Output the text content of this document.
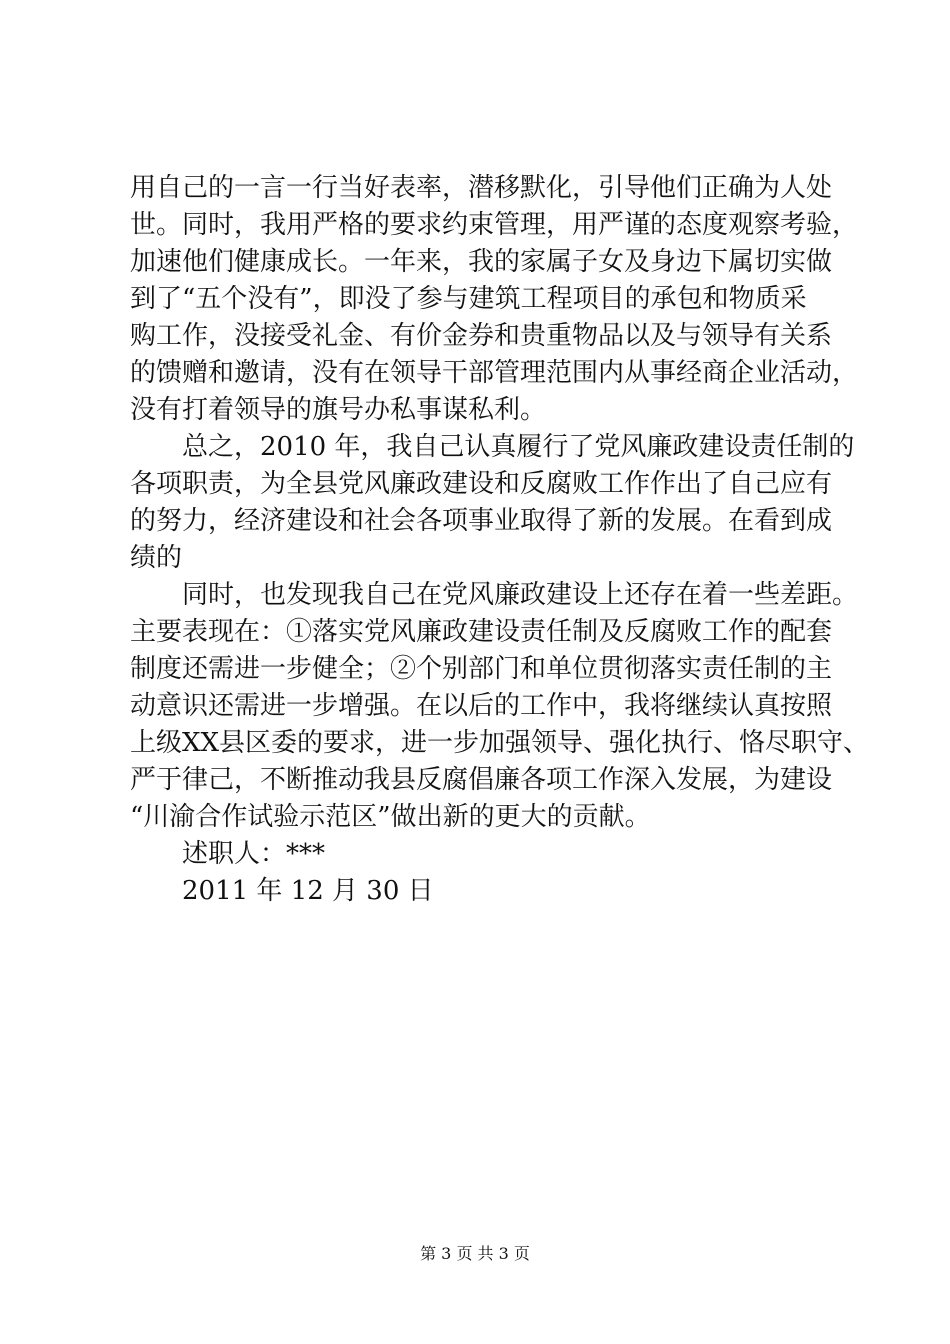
用自己的一言一行当好表率，潜移默化，引导他们正确为人处
世。同时，我用严格的要求约束管理，用严谨的态度观察考验，
加速他们健康成长。一年来，我的家属子女及身边下属切实做
到了“五个没有”，即没了参与建筑工程项目的承包和物质采
购工作，没接受礼金、有价金券和贵重物品以及与领导有关系
的馈赠和邀请，没有在领导干部管理范围内从事经商企业活动，
没有打着领导的旗号办私事谋私利。
总之，2010 年，我自己认真履行了党风廉政建设责任制的
各项职责，为全县党风廉政建设和反腐败工作作出了自己应有
的努力，经济建设和社会各项事业取得了新的发展。在看到成
绩的
同时，也发现我自己在党风廉政建设上还存在着一些差距。
主要表现在：①落实党风廉政建设责任制及反腐败工作的配套
制度还需进一步健全；②个别部门和单位贯彻落实责任制的主
动意识还需进一步增强。在以后的工作中，我将继续认真按照
上级XX县区委的要求，进一步加强领导、强化执行、恪尽职守、
严于律己，不断推动我县反腐倡廉各项工作深入发展，为建设
“川渝合作试验示范区”做出新的更大的贡献。
述职人：***
2011 年 12 月 30 日
第 3 页 共 3 页
